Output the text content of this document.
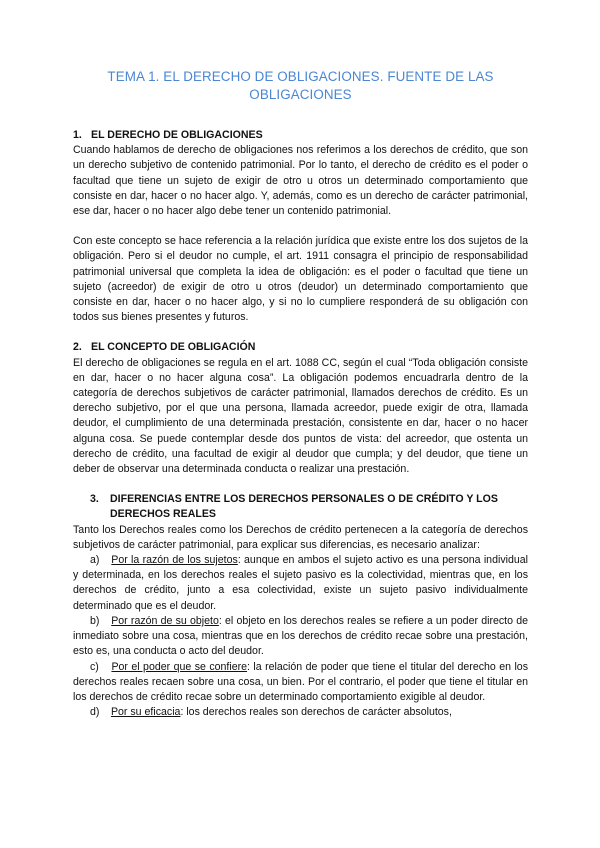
TEMA 1. EL DERECHO DE OBLIGACIONES. FUENTE DE LAS
OBLIGACIONES
1. EL DERECHO DE OBLIGACIONES

Cuando hablamos de derecho de obligaciones nos referimos a los derechos de crédito, que son un derecho subjetivo de contenido patrimonial. Por lo tanto, el derecho de crédito es el poder o facultad que tiene un sujeto de exigir de otro u otros un determinado comportamiento que consiste en dar, hacer o no hacer algo. Y, además, como es un derecho de carácter patrimonial, ese dar, hacer o no hacer algo debe tener un contenido patrimonial.

Con este concepto se hace referencia a la relación jurídica que existe entre los dos sujetos de la obligación. Pero si el deudor no cumple, el art. 1911 consagra el principio de responsabilidad patrimonial universal que completa la idea de obligación: es el poder o facultad que tiene un sujeto (acreedor) de exigir de otro u otros (deudor) un determinado comportamiento que consiste en dar, hacer o no hacer algo, y si no lo cumpliere responderá de su obligación con todos sus bienes presentes y futuros.

2. EL CONCEPTO DE OBLIGACIÓN

El derecho de obligaciones se regula en el art. 1088 CC, según el cual “Toda obligación consiste en dar, hacer o no hacer alguna cosa”. La obligación podemos encuadrarla dentro de la categoría de derechos subjetivos de carácter patrimonial, llamados derechos de crédito. Es un derecho subjetivo, por el que una persona, llamada acreedor, puede exigir de otra, llamada deudor, el cumplimiento de una determinada prestación, consistente en dar, hacer o no hacer alguna cosa. Se puede contemplar desde dos puntos de vista: del acreedor, que ostenta un derecho de crédito, una facultad de exigir al deudor que cumpla; y del deudor, que tiene un deber de observar una determinada conducta o realizar una prestación.

3. DIFERENCIAS ENTRE LOS DERECHOS PERSONALES O DE CRÉDITO Y LOS DERECHOS REALES

Tanto los Derechos reales como los Derechos de crédito pertenecen a la categoría de derechos subjetivos de carácter patrimonial, para explicar sus diferencias, es necesario analizar:

a) Por la razón de los sujetos: aunque en ambos el sujeto activo es una persona individual y determinada, en los derechos reales el sujeto pasivo es la colectividad, mientras que, en los derechos de crédito, junto a esa colectividad, existe un sujeto pasivo individualmente determinado que es el deudor.
b) Por razón de su objeto: el objeto en los derechos reales se refiere a un poder directo de inmediato sobre una cosa, mientras que en los derechos de crédito recae sobre una prestación, esto es, una conducta o acto del deudor.
c) Por el poder que se confiere: la relación de poder que tiene el titular del derecho en los derechos reales recaen sobre una cosa, un bien. Por el contrario, el poder que tiene el titular en los derechos de crédito recae sobre un determinado comportamiento exigible al deudor.
d) Por su eficacia: los derechos reales son derechos de carácter absolutos,
